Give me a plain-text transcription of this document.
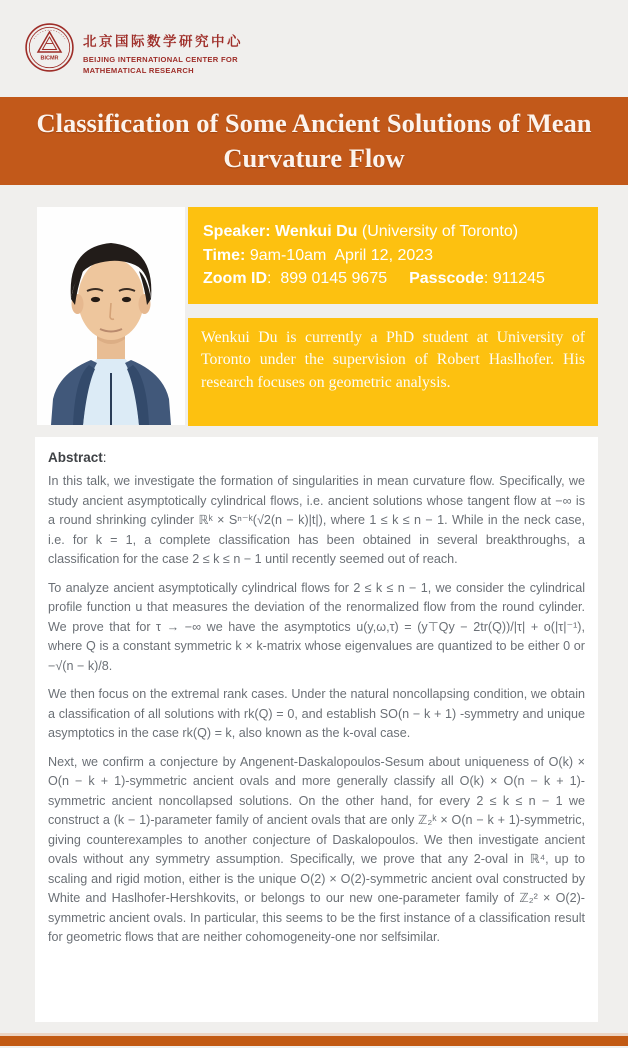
BICMR
北京国际数学研究中心
BEIJING INTERNATIONAL CENTER FOR
MATHEMATICAL RESEARCH
Classification of Some Ancient Solutions of Mean Curvature Flow
Speaker: Wenkui Du (University of Toronto)
Time: 9am-10am  April 12, 2023
Zoom ID:  899 0145 9675 Passcode: 911245
Wenkui Du is currently a PhD student at University of Toronto under the supervision of Robert Haslhofer. His research focuses on geometric analysis.
Abstract:

In this talk, we investigate the formation of singularities in mean curvature flow. Specifically, we study ancient asymptotically cylindrical flows, i.e. ancient solutions whose tangent flow at −∞ is a round shrinking cylinder ℝᵏ × Sⁿ⁻ᵏ(√2(n − k)|t|), where 1 ≤ k ≤ n − 1. While in the neck case, i.e. for k = 1, a complete classification has been obtained in several breakthroughs, a classification for the case 2 ≤ k ≤ n − 1 until recently seemed out of reach.

To analyze ancient asymptotically cylindrical flows for 2 ≤ k ≤ n − 1, we consider the cylindrical profile function u that measures the deviation of the renormalized flow from the round cylinder. We prove that for τ → −∞ we have the asymptotics u(y,ω,τ) = (y⊤Qy − 2tr(Q))/|τ| + o(|τ|⁻¹), where Q is a constant symmetric k × k-matrix whose eigenvalues are quantized to be either 0 or −√(n − k)/8.

We then focus on the extremal rank cases. Under the natural noncollapsing condition, we obtain a classification of all solutions with rk(Q) = 0, and establish SO(n − k + 1) -symmetry and unique asymptotics in the case rk(Q) = k, also known as the k-oval case.

Next, we confirm a conjecture by Angenent-Daskalopoulos-Sesum about uniqueness of O(k) × O(n − k + 1)-symmetric ancient ovals and more generally classify all O(k) × O(n − k + 1)-symmetric ancient noncollapsed solutions. On the other hand, for every 2 ≤ k ≤ n − 1 we construct a (k − 1)-parameter family of ancient ovals that are only ℤ₂ᵏ × O(n − k + 1)-symmetric, giving counterexamples to another conjecture of Daskalopoulos. We then investigate ancient ovals without any symmetry assumption. Specifically, we prove that any 2-oval in ℝ⁴, up to scaling and rigid motion, either is the unique O(2) × O(2)-symmetric ancient oval constructed by White and Haslhofer-Hershkovits, or belongs to our new one-parameter family of ℤ₂² × O(2)-symmetric ancient ovals. In particular, this seems to be the first instance of a classification result for geometric flows that are neither cohomogeneity-one nor selfsimilar.
